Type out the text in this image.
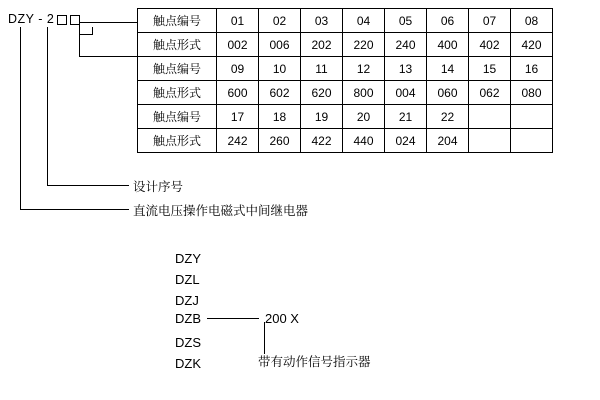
DZY - 2	触点编号	01	02	03	04	05	06	07	08
触点形式	002	006	202	220	240	400	402	420
触点编号	09	10	11	12	13	14	15	16
触点形式	600	602	620	800	004	060	062	080
触点编号	17	18	19	20	21	22		
触点形式	242	260	422	440	024	204		
设计序号
直流电压操作电磁式中间继电器
DZY
DZL
DZJ

DZS
DZK
DZB	200 X
带有动作信号指示器
